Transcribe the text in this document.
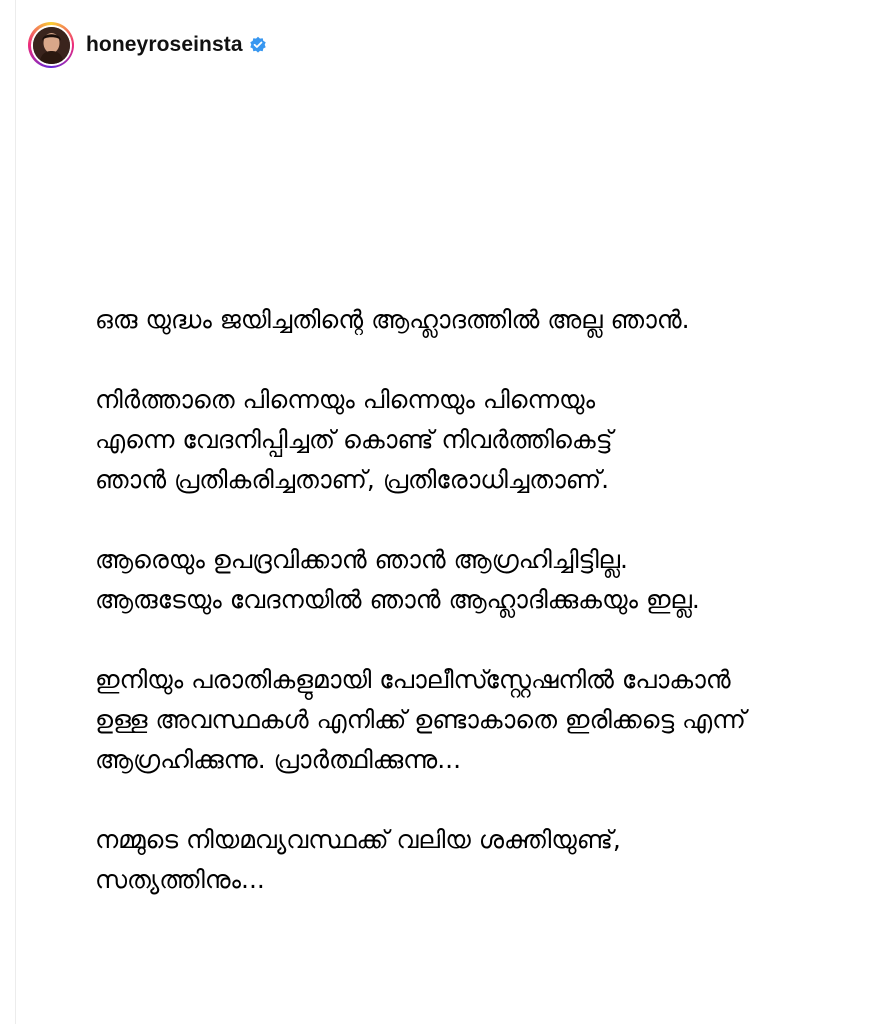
honeyroseinsta

ഒരു യുദ്ധം ജയിച്ചതിന്റെ ആഹ്ലാദത്തിൽ അല്ല ഞാൻ.

നിർത്താതെ പിന്നെയും പിന്നെയും പിന്നെയും
എന്നെ വേദനിപ്പിച്ചത് കൊണ്ട് നിവർത്തികെട്ട്
ഞാൻ പ്രതികരിച്ചതാണ്, പ്രതിരോധിച്ചതാണ്.

ആരെയും ഉപദ്രവിക്കാൻ ഞാൻ ആഗ്രഹിച്ചിട്ടില്ല.
ആരുടേയും വേദനയിൽ ഞാൻ ആഹ്ലാദിക്കുകയും ഇല്ല.

ഇനിയും പരാതികളുമായി പോലീസ്സ്റ്റേഷനിൽ പോകാൻ
ഉള്ള അവസ്ഥകൾ എനിക്ക് ഉണ്ടാകാതെ ഇരിക്കട്ടെ എന്ന്
ആഗ്രഹിക്കുന്നു. പ്രാർത്ഥിക്കുന്നു...

നമ്മുടെ നിയമവ്യവസ്ഥക്ക് വലിയ ശക്തിയുണ്ട്,
സത്യത്തിനും...
